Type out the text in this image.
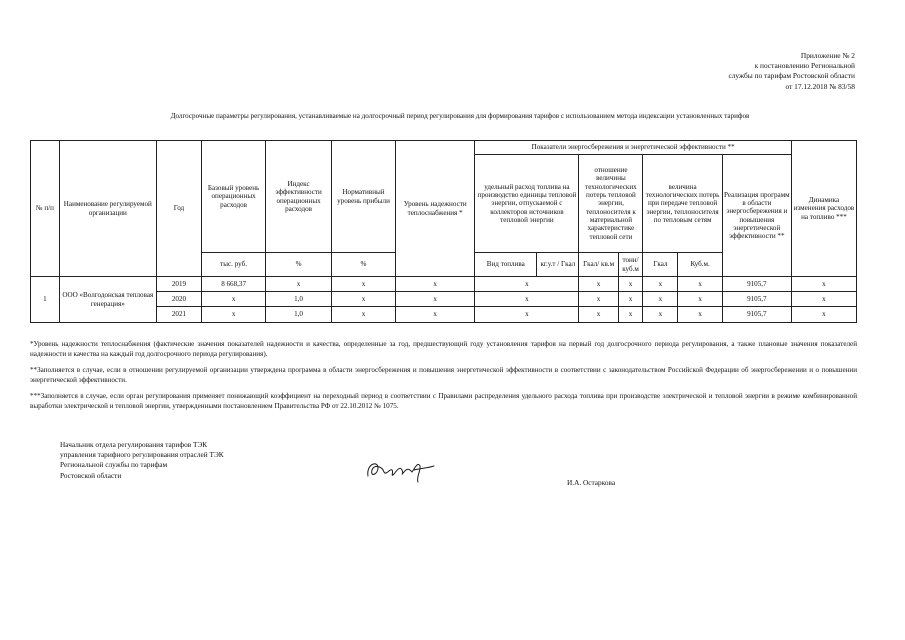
Приложение № 2
к постановлению Региональной
службы по тарифам Ростовской области
от 17.12.2018 № 83/58
Долгосрочные параметры регулирования, устанавливаемые на долгосрочный период регулирования для формирования тарифов с использованием метода индексации установленных тарифов
№ п/п	Наименование регулируемой организации	Год	Базовый уровень операционных расходов	Индекс эффективности операционных расходов	Нормативный уровень прибыли	Уровень надежности теплоснабжения *	Показатели энергосбережения и энергетической эффективности **							Динамика изменения расходов на топливо ***	
							удельный расход топлива на производство единицы тепловой энергии, отпускаемой с коллекторов источников тепловой энергии		отношение величины технологических потерь тепловой энергии, теплоносителя к материальной характеристике тепловой сети		величина технологических потерь при передаче тепловой энергии, теплоносителя по тепловым сетям		Реализация программ в области энергосбережения и повышения энергетической эффективности **		
			тыс. руб.	%	%		Вид топлива	кг.у.т / Гкал	Гкал/ кв.м	тонн/куб.м	Гкал	Куб.м.			
1	ООО «Волгодонская тепловая генерация»	2019	8 668,37	x	x	x	x		x	x	x	x	9105,7	x	
		2020	x	1,0	x	x	x		x	x	x	x	9105,7	x	
		2021	x	1,0	x	x	x		x	x	x	x	9105,7	x	

*Уровень надежности теплоснабжения (фактические значения показателей надежности и качества, определенные за год, предшествующий году установления тарифов на первый год долгосрочного периода регулирования, а также плановые значения показателей надежности и качества на каждый год долгосрочного периода регулирования).

**Заполняется в случае, если в отношении регулируемой организации утверждена программа в области энергосбережения и повышения энергетической эффективности в соответствии с законодательством Российской Федерации об энергосбережении и о повышении энергетической эффективности.

***Заполняется в случае, если орган регулирования применяет понижающий коэффициент на переходный период в соответствии с Правилами распределения удельного расхода топлива при производстве электрической и тепловой энергии в режиме комбинированной выработки электрической и тепловой энергии, утвержденными постановлением Правительства РФ от 22.10.2012 № 1075.

Начальник отдела регулирования тарифов ТЭК
управления тарифного регулирования отраслей ТЭК
Региональной службы по тарифам
Ростовской области
И.А. Остаркова
